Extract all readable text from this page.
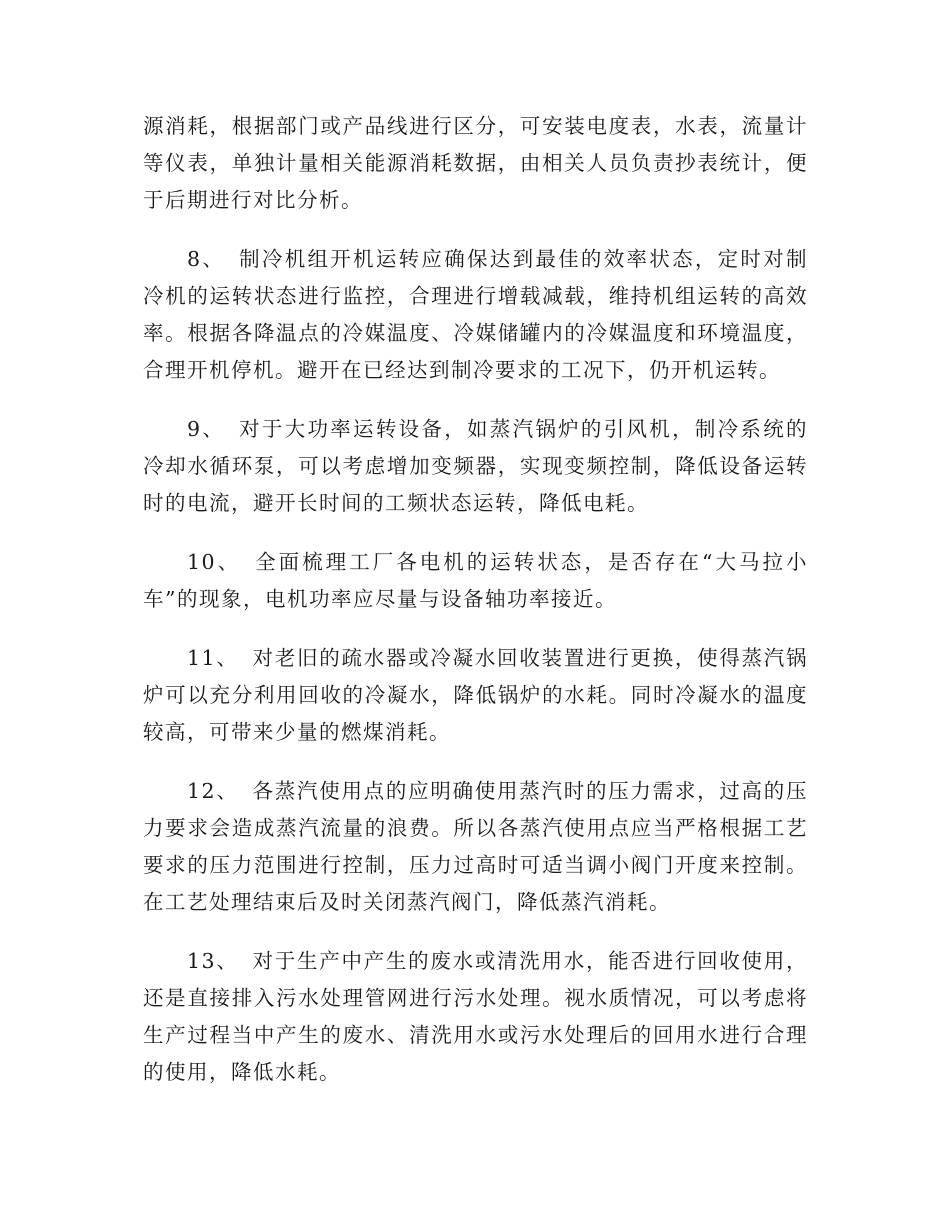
源消耗，根据部门或产品线进行区分，可安装电度表，水表，流量计等仪表，单独计量相关能源消耗数据，由相关人员负责抄表统计，便于后期进行对比分析。

8、 制冷机组开机运转应确保达到最佳的效率状态，定时对制冷机的运转状态进行监控，合理进行增载减载，维持机组运转的高效率。根据各降温点的冷媒温度、冷媒储罐内的冷媒温度和环境温度，合理开机停机。避开在已经达到制冷要求的工况下，仍开机运转。

9、 对于大功率运转设备，如蒸汽锅炉的引风机，制冷系统的冷却水循环泵，可以考虑增加变频器，实现变频控制，降低设备运转时的电流，避开长时间的工频状态运转，降低电耗。

10、 全面梳理工厂各电机的运转状态，是否存在“大马拉小车”的现象，电机功率应尽量与设备轴功率接近。

11、 对老旧的疏水器或冷凝水回收装置进行更换，使得蒸汽锅炉可以充分利用回收的冷凝水，降低锅炉的水耗。同时冷凝水的温度较高，可带来少量的燃煤消耗。

12、 各蒸汽使用点的应明确使用蒸汽时的压力需求，过高的压力要求会造成蒸汽流量的浪费。所以各蒸汽使用点应当严格根据工艺要求的压力范围进行控制，压力过高时可适当调小阀门开度来控制。在工艺处理结束后及时关闭蒸汽阀门，降低蒸汽消耗。

13、 对于生产中产生的废水或清洗用水，能否进行回收使用，还是直接排入污水处理管网进行污水处理。视水质情况，可以考虑将生产过程当中产生的废水、清洗用水或污水处理后的回用水进行合理的使用，降低水耗。
